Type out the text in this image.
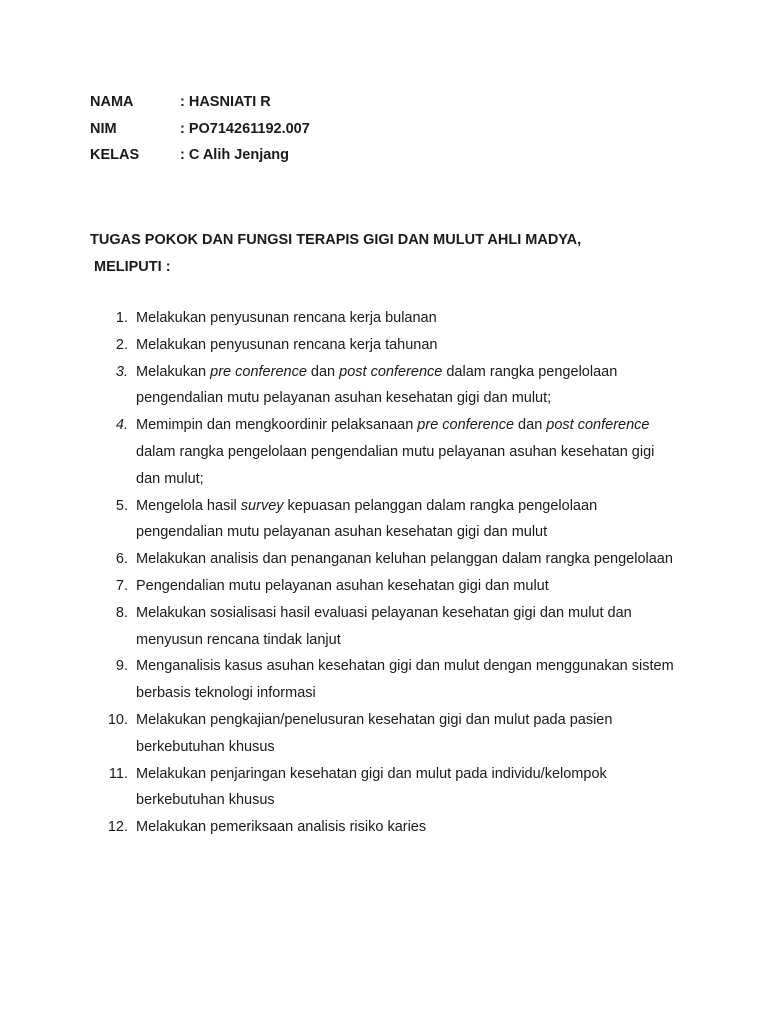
NAMA	: HASNIATI R
NIM	: PO714261192.007
KELAS	: C Alih Jenjang
TUGAS POKOK DAN FUNGSI TERAPIS GIGI DAN MULUT AHLI MADYA,
MELIPUTI :
1. Melakukan penyusunan rencana kerja bulanan
2. Melakukan penyusunan rencana kerja tahunan
3. Melakukan pre conference dan post conference dalam rangka pengelolaan pengendalian mutu pelayanan asuhan kesehatan gigi dan mulut;
4. Memimpin dan mengkoordinir pelaksanaan pre conference dan post conference dalam rangka pengelolaan pengendalian mutu pelayanan asuhan kesehatan gigi dan mulut;
5. Mengelola hasil survey kepuasan pelanggan dalam rangka pengelolaan pengendalian mutu pelayanan asuhan kesehatan gigi dan mulut
6. Melakukan analisis dan penanganan keluhan pelanggan dalam rangka pengelolaan
7. Pengendalian mutu pelayanan asuhan kesehatan gigi dan mulut
8. Melakukan sosialisasi hasil evaluasi pelayanan kesehatan gigi dan mulut dan menyusun rencana tindak lanjut
9. Menganalisis kasus asuhan kesehatan gigi dan mulut dengan menggunakan sistem berbasis teknologi informasi
10. Melakukan pengkajian/penelusuran kesehatan gigi dan mulut pada pasien berkebutuhan khusus
11. Melakukan penjaringan kesehatan gigi dan mulut pada individu/kelompok berkebutuhan khusus
12. Melakukan pemeriksaan analisis risiko karies
